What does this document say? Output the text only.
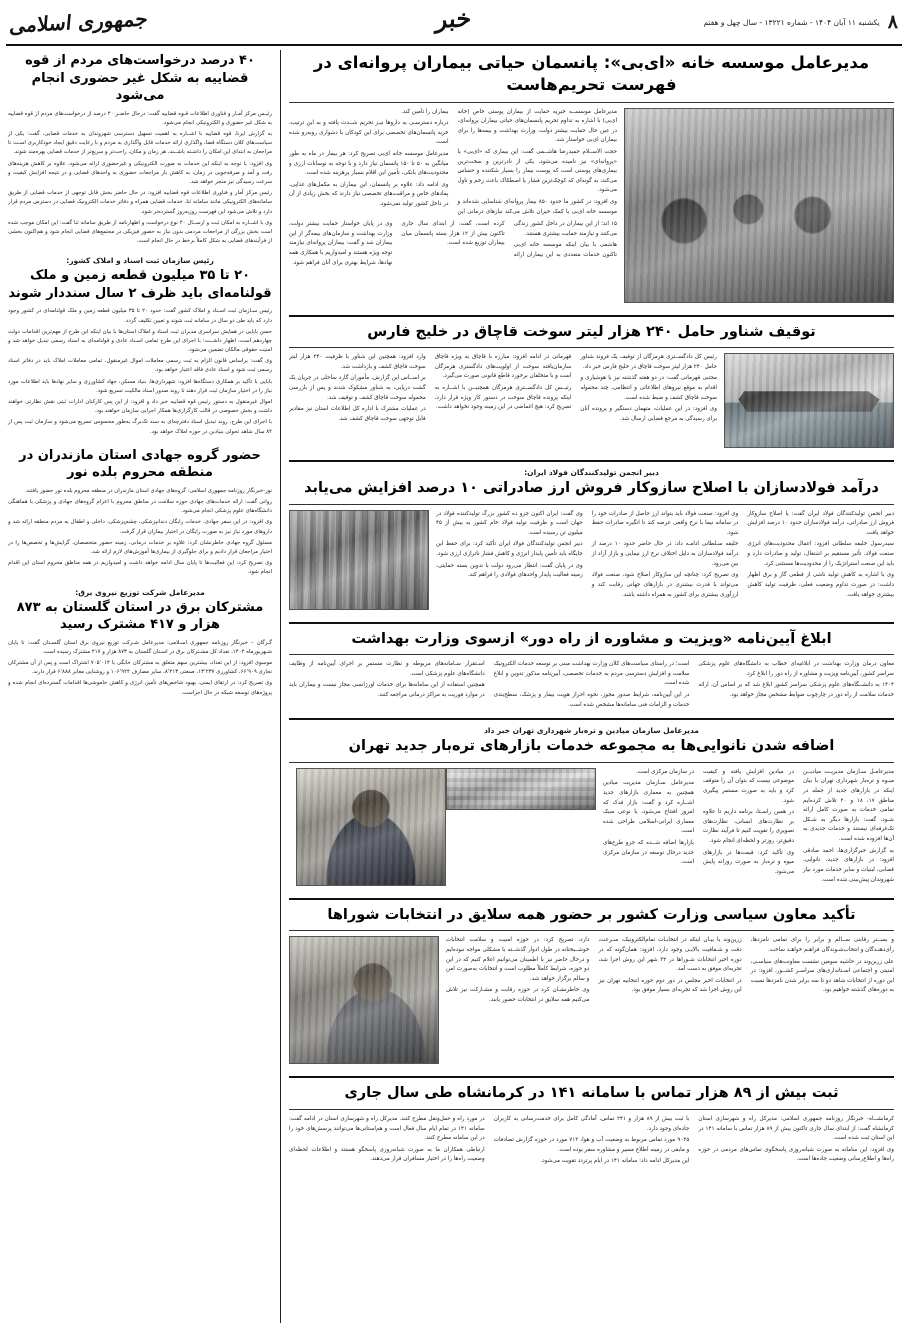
۸
یکشنبه ۱۱ آبان ۱۴۰۴ - شماره ۱۳۲۲۱ - سال چهل و هفتم
خبر
جمهوری اسلامی
مدیرعامل موسسه خانه «ای‌بی»: پانسمان حیاتی بیماران پروانه‌ای در فهرست تحریم‌هاست

مدیرعامل موسســه خیریه حمایت از بیماران پوستی خاص (خانه ای‌بی) با اشاره به تداوم تحریم پانسمان‌های حیاتی بیماران پروانه‌ای، در عین حال حمایت بیشتر دولت، وزارت بهداشت و بیمه‌ها را برای بیماران ای‌بی خواستار شد.

حجت الاســلام حمیدرضا هاشــمی گفت: این بیماری که «ای‌بی» یا «پروانه‌ای» نیز نامیده می‌شود، یکی از نادرترین و سخت‌ترین بیماری‌های پوستی است که پوست بیمار را بسیار شکننده و حساس می‌کند، به گونه‌ای که کوچک‌ترین فشار یا اصطکاک باعث زخم و تاول می‌شود.

وی افزود: در کشور ما حدود ۸۵۰ بیمار پروانه‌ای شناسایی شده‌اند و موسسه خانه ای‌بی با کمک خیران تلاش می‌کند نیازهای درمانی این بیماران را تأمین کند.

درباره دسترسـی به داروها نیـز تحریم شــدت یافته و به این ترتیب، خرید پانسمان‌های تخصصی برای این کودکان با دشواری روبه‌رو شده است.

مدیرعامل موسسه خانه ای‌بی تصریح کرد: هر بیمار در ماه به طور میانگین به ۵۰ تا ۱۵۰ پانسمان نیاز دارد و با توجه به نوسانات ارزی و محدودیت‌های بانکی، تأمین این اقلام بسیار پرهزینه شده است.

وی ادامه داد: علاوه بر پانسمان، این بیماران به مکمل‌های غذایی، پمادهای خاص و مراقبت‌های تخصصی نیاز دارند که بخش زیادی از آن در داخل کشور تولید نمی‌شود.

۱۵ اند؛ از این بیماران در داخل کشور زندگی می‌کنند و نیازمند حمایت بیشتری هستند.

هاشمی با بیان اینکه موسسه خانه ای‌بی تاکنون خدمات متعددی به این بیماران ارائه کرده است، گفت: از ابتدای سال جاری تاکنون بیش از ۱۲ هزار بسته پانسمان میان بیماران توزیع شده است.

وی در پایان خواستار حمایت بیشتر دولت، وزارت بهداشت و سازمان‌های بیمه‌گر از این بیماران شد و گفت: بیماران پروانه‌ای نیازمند توجه ویژه هستند و امیدواریم با همکاری همه نهادها، شرایط بهتری برای آنان فراهم شود.

توقیف شناور حامل ۲۴۰ هزار لیتر سوخت قاچاق در خلیج فارس

رئیس کل دادگســتری هرمزگان از توقیف یک فروند شناور حامل ۲۴۰ هزار لیتر سوخت قاچاق در خلیج فارس خبر داد.

مجتبی قهرمانی گفت: در دو هفته گذشته نیز با هوشیاری و اقدام به موقع نیروهای اطلاعاتی و انتظامی، چند محموله سوخت قاچاق کشف و ضبط شده است.

وی افزود: در این عملیات، متهمان دستگیر و پرونده آنان برای رسیدگی به مرجع قضایی ارسال شد.

قهرمانی در ادامه افزود: مبارزه با قاچاق به ویژه قاچاق سازمان‌یافته سوخت از اولویت‌های دادگستری هرمزگان است و با متخلفان برخورد قاطع قانونی صورت می‌گیرد.

رئیــس کل دادگســتری هرمزگان همچنیــن با اشــاره به اینکه پرونده قاچاق سوخت در دستور کار ویژه قرار دارد، تصریح کرد: هیچ اغماضی در این زمینه وجود نخواهد داشت.

وارد افزود: همچنین این شناور با ظرفیت ۲۴۰ هزار لیتر سوخت قاچاق کشف و بازداشت شد.

بر اســاس این گزارش، مأموران گارد ساحلی در جریان یک گشت دریایی، به شناور مشکوک شدند و پس از بازرسی محموله سوخت قاچاق کشف و توقیف شد.

در عملیات مشترک با اداره کل اطلاعات استان نیز مقادیر قابل توجهی سوخت قاچاق کشف شد.

دبیر انجمن تولیدکنندگان فولاد ایران:
درآمد فولادسازان با اصلاح سازوکار فروش ارز صادراتی ۱۰ درصد افزایش می‌یابد

دبیر انجمن تولیدکنندگان فولاد ایران گفت: با اصلاح سازوکار فروش ارز صادراتی، درآمد فولادسازان حدود ۱۰ درصد افزایش خواهد یافت.

سیدرسول خلیفه سلطانی افزود: اعمال محدودیت‌های انرژی صنعت فولاد، تأثیر مستقیم بر اشتغال، تولید و صادرات دارد و باید این صنعت استراتژیک را از محدودیت‌ها مستثنی کرد.

وی با اشاره به کاهش تولید ناشی از قطعی گاز و برق اظهار داشت: در صورت تداوم وضعیت فعلی، ظرفیت تولید کاهش بیشتری خواهد یافت.

وی افزود: صنعت فولاد باید بتواند ارز حاصل از صادرات خود را در سامانه نیما با نرخ واقعی عرضه کند تا انگیزه صادرات حفظ شود.

خلیفه سـلطانی ادامـه داد: در حال حاضر حدود ۱۰ درصد از درآمد فولادسازان به دلیل اختلاف نرخ ارز نیمایی و بازار آزاد از بین می‌رود.

وی تصریح کرد: چنانچه این سازوکار اصلاح شود، صنعت فولاد می‌تواند با قدرت بیشتری در بازارهای جهانی رقابت کند و ارزآوری بیشتری برای کشور به همراه داشته باشد.

وی گفت: ایران اکنون جزو ده کشور بزرگ تولیدکننده فولاد در جهان است و ظرفیت تولید فولاد خام کشور به بیش از ۴۵ میلیون تن رسیده است.

دبیر انجمن تولیدکنندگان فولاد ایران تأکید کرد: برای حفظ این جایگاه باید تأمین پایدار انرژی و کاهش فشار ناترازی ارزی شود.

وی در پایان گفت: انتظار می‌رود دولت با تدوین بسته حمایتی، زمینه فعالیت پایدار واحدهای فولادی را فراهم کند.

ابلاغ آیین‌نامه «ویزیت و مشاوره از راه دور» ازسوی وزارت بهداشت

معاون درمان وزارت بهداشت در ابلاغیه‌ای خطاب به دانشگاه‌های علوم پزشکی سراسر کشور، آیین‌نامه ویزیت و مشاوره از راه دور را ابلاغ کرد.

۱۴۰۴ به دانشــگاه‌های علوم پزشکی سراسر کشور ابلاغ شد که بر اساس آن، ارائه خدمات سلامت از راه دور در چارچوب ضوابط مشخص مجاز خواهد بود.

است؛ در راستای سیاست‌های کلان وزارت بهداشت مبنی بر توسعه خدمات الکترونیک سلامت و افزایش دسترسی مردم به خدمات تخصصی، آیین‌نامه مذکور تدوین و ابلاغ شده است.

در این آیین‌نامه، شرایط صدور مجوز، نحوه احراز هویت بیمار و پزشک، سطح‌بندی خدمات و الزامات فنی سامانه‌ها مشخص شده است.

اسـتقرار سـامانه‌های مربوطه و نظارت مستمر بر اجرای آیین‌نامه از وظایف دانشگاه‌های علوم پزشکی است.

همچنین استفاده از این سامانه‌ها برای خدمات اورژانسی مجاز نیست و بیماران باید در موارد فوریت به مراکز درمانی مراجعه کنند.

مدیرعامل سازمان میادین و تره‌بار شهرداری تهران خبر داد
اضافه شدن نانوایی‌ها به مجموعه خدمات بازارهای تره‌بار جدید تهران

مدیرعامـل سـازمان مدیریـت میادیــن میـوه و تره‌بار شهرداری تهران با بیان اینکه در بازارهای جدید از جمله در مناطق ۱۷، ۱۸ و ۲۰ تلاش کرده‌ایم تمامی خدمات به صورت کامل ارائه شـود، گفت: بازارها دیگر به شـکل تک‌غرفه‌ای نیستند و خدمات جدیدی به آن‌ها افزوده شده است.

به گزارش خبرگزاری‌ها، احمد صادقی افزود: در بازارهای جدید، نانوایی، قصابی، لبنیات و سایر خدمات مورد نیاز شهروندان پیش‌بینی شده است.

در میادین افزایش یافته و کیفیت موضوعی نیست که بتوان آن را متوقف کرد و باید به صورت مستمر پیگیری شود.

در همین راسـتا، برنامه داریم تا علاوه بر نظارت‌های انسانی، نظارت‌های تصویری را تقویت کنیم تا فرآیند نظارت دقیق‌تر، روزتر و لحظه‌ای انجام شود.

وی تأکید کرد: قیمت‌ها در بازارهای میوه و تره‌بار به صورت روزانه پایش می‌شود.

در سازمان مرکزی است.

مدیرعامل سـازمان مدیریت میادین همچنین به معماری بازارهای جدید اشــاره کرد و گفت: بازار فدک که امروز افتتاح می‌شود، با نوعی سبک معماری ایرانی-اسلامی طراحی شده است.

بازارها اضافه شــده که جزو طرح‌های جدید درحال توسعه در سازمان مرکزی است.

تأکید معاون سیاسی وزارت کشور بر حضور همه سلایق در انتخابات شوراها

و بســتر رقابتی ســالم و برابر را برای تمامی نامزدها، رأی‌دهنـدگان و انتخاب‌شـوندگان فراهـم خواهـد ساخت.

علی زرین‌وند در حاشیه سومین نشست معاونت‌های سیاسـی، امنیتی و اجتماعی اسـتانداری‌های سراسـر کشــور، افزود: در این دوره از انتخابات شاهد دو تا سه برابر شدن نامزدها نسبت به دوره‌های گذشته خواهیم بود.

زرین‌وند با بیـان اینکه در انتخابـات تمام‌الکترونیک، سـرعت، دقت و شـفافیت بالایـی وجود دارد، افزود: همان‌گونه که در دوره اخیر انتخابات شـوراها در ۳۲ شهر این روش اجرا شد، تجربه‌ای موفق به دست آمد.

در انتخابات اخیر مجلس در دور دوم حوزه انتخابیه تهران نیز این روش اجرا شد که تجربه‌ای بسیار موفق بود.

دارد، تصریح کرد: در حوزه امنیت و سلامت انتخابات خوشــبختانه در طول ادوار گذشــته با مشکلی مواجه نبوده‌ایم و درحال حاضر نیز با اطمینان می‌توانیم اعلام کنیم که در این دو حوزه، شرایط کاملاً مطلوب است و انتخابات به‌صورت امن و سالم برگزار خواهد شد.

وی خاطرنشـان کرد در حوزه رقابت و مشـارکت نیز تلاش می‌کنیم همه سلایق در انتخابات حضور یابند.

ثبت بیش از ۸۹ هزار تماس با سامانه ۱۴۱ در کرمانشاه طی سال جاری

کرمانشــاه- خبرنگار روزنامه جمهوری اسلامی: مدیرکل راه و شهرسازی استان کرمانشاه گفت: از ابتدای سال جاری تاکنون بیش از ۸۹ هزار تماس با سامانه ۱۴۱ در این استان ثبت شده است.

وی افزود: این سامانه به صورت شبانه‌روزی پاسخگوی تماس‌های مردمی در حوزه راه‌ها و اطلاع‌رسانی وضعیت جاده‌ها است.

با ثبت بیش از ۸۹ هزار و ۲۴۱ تماس، آمادگی کامل برای خدمت‌رسانی به کاربران جاده‌ای وجود دارد.

۹۰۲۵ مورد تماس مربوط به وضعیت آب و هوا، ۷۱۳ مورد در حوزه گزارش تصادفات و مابقی در زمینه اطلاع مسیر و مشاوره سفر بوده است.

این مدیرکل ادامه داد: سامانه ۱۴۱ در ایام پرتردد تقویت می‌شود.

در مورد راه و حمل‌ونقل مطرح کنند. مدیرکل راه و شهرسازی استان در ادامه گفت: سامانه ۱۴۱ در تمام ایام سال فعال است و هم‌استانی‌ها می‌توانند پرسش‌های خود را در این سامانه مطرح کنند.

ارتباطی همکاران ما به صورت شبانه‌روزی پاسخگو هستند و اطلاعات لحظه‌ای وضعیت راه‌ها را در اختیار مسافران قرار می‌دهند.

۴۰ درصد درخواست‌های مردم از قوه قضاییه به شکل غیر حضوری انجام می‌شود

رئیـس مرکز آمـار و فناوری اطلاعات قـوه قضاییه گفت: درحال حاضـر ۴۰ درصد از درخواست‌های مردم از قوه قضاییه به شکل غیر حضوری و الکترونیکی انجام می‌شود.

به گزارش ایرنا، قوه قضاییه با اشــاره به اهمیت تسهیل دسترسی شهروندان به خدمات قضایی، گفت: یکی از سیاست‌های کلان دستگاه قضا، واگذاری ارائه خدمات قابل واگذاری به مردم و با رعایت دقیق ایجاد خودکاربری اسـت تا مراجعان به ابتدای این امکان را داشـته باشــند، هر زمان و مکان، راحت‌تر و سریع‌تر از خدمات قضایی بهره‌مند شوند.

وی افزود: با توجه به اینکه این خدمات به صورت الکترونیکی و غیرحضوری ارائه می‌شود، علاوه بر کاهش هزینه‌های رفت و آمد و صرفه‌جویی در زمان، به کاهش بار مراجعات حضوری به واحدهای قضایی و در نتیجه افزایش کیفیت و سرعت رسیدگی نیز منجر خواهد شد.

رئیس مرکز آمار و فناوری اطلاعات قوه قضاییه افزود: در حال حاضر بخش قابل توجهی از خدمات قضایی از طریق سامانه‌های الکترونیکی مانند سامانه ثنا، خدمات قضایی همراه و دفاتر خدمات الکترونیک قضایی در دسترس مردم قرار دارد و تلاش می‌شود این فهرست روزبه‌روز گسترده‌تر شود.

وی با اشــاره به امکان ثبت و ارســال ۴۰ نوع درخواست و اظهارنامه از طریق سامانه ثنا گفت: این امکان موجب شده است بخش بزرگی از مراجعات مردمی بدون نیاز به حضور فیزیکی در مجتمع‌های قضایی انجام شود و هم‌اکنون بخشی از فرآیندهای قضایی به شکل کاملاً برخط در حال انجام است.

رئیس سازمان ثبت اسناد و املاک کشور:
۲۰ تا ۳۵ میلیون قطعه زمین و ملک قولنامه‌ای باید ظرف ۲ سال سنددار شوند

رئیس سـازمان ثبت اسـناد و املاک کشور گفت: حدود ۲۰ تا ۳۵ میلیون قطعه زمین و ملک قولنامه‌ای در کشور وجود دارد که باید طی دو سال در سامانه ثبت شوند و تعیین تکلیف گردد.

حسن بابایی در همایش سراسری مدیران ثبت اسناد و املاک استان‌ها با بیان اینکه این طرح از مهم‌ترین اقدامات دولت چهاردهم است، اظهار داشــت: با اجرای این طرح تمامی اسـناد عادی و قولنامه‌ای به اسناد رسمی تبدیل خواهد شد و امنیت حقوقی مالکان تضمین می‌شود.

وی گفت: براساس قانون الزام به ثبت رسمی معاملات اموال غیرمنقول، تمامی معاملات املاک باید در دفاتر اسناد رسمی ثبت شود و اسناد عادی فاقد اعتبار خواهد بود.

بابایی با تأکید بر همکاری دستگاه‌ها افزود: شهرداری‌ها، بنیاد مسکن، جهاد کشاورزی و سایر نهادها باید اطلاعات مورد نیاز را در اختیار سازمان ثبت قرار دهند تا روند صدور اسناد مالکیت تسریع شود.

اموال غیرمنقول به دستور رئیس قوه قضاییه خبر داد و افزود: از این پس کارکنان ادارات ثبتی نقش نظارتی خواهند داشت و بخش خصوصی در قالب کارگزاری‌ها همکار اجرایی سازمان خواهند بود.

با اجرای این طرح، روند تبدیل اسناد دفترچه‌ای به سند تک‌برگ به‌طور محسوس تسریع می‌شود و سازمان ثبت پس از ۸۴ سال شاهد تحولی بنیادین در حوزه املاک خواهد بود.

حضور گروه جهادی استان مازندران در منطقه محروم بلده نور

نور-خبرنگار روزنامه جمهوری اسلامی: گروه‌های جهادی استان مازندران در منطقه محروم بلده نور حضور یافتند.

روانی گفت: ارائه خدمات‌های جهادی حوزه سلامت در مناطق محروم با اعزام گروه‌های جهادی و پزشکی با هماهنگی دانشگاه‌های علوم پزشکی انجام می‌شود.

وی افزود: در این سفر جهادی، خدمات رایگان دندانپزشکی، چشم‌پزشکی، داخلی و اطفال به مردم منطقه ارائه شد و داروهای مورد نیاز نیز به صورت رایگان در اختیار بیماران قرار گرفت.

مسئول گروه جهادی خاطرنشان کرد: علاوه بر خدمات درمانی، زمینه حضور متخصصان، گرایش‌ها و تخصص‌ها را در اختیار مراجعان قرار دادیم و برای جلوگیری از بیماری‌ها آموزش‌های لازم ارائه شد.

وی تصریح کرد: این فعالیت‌ها تا پایان سال ادامه خواهد داشت و امیدواریم در همه مناطق محروم استان این اقدام انجام شود.

مدیرعامل شرکت توزیع نیروی برق:
مشترکان برق در استان گلستان به ۸۷۳ هزار و ۴۱۷ مشترک رسید

گـرگان – خبرنگار روزنامه جمهوری اسـلامی: مدیرعامل شـرکت توزیع نیروی برق استان گلسـتان گفت: تا پایان شـهریورماه ۱۴۰۴، تعداد کل مشـترکان برق در اسـتان گلستان به ۸۷۳ هزار و ۴۱۷ مشترک رسیده است.

موسوی افزود: از این تعداد، بیشترین سهم متعلق به مشترکان خانگی با ۷۰۵٬۰۱۴ اشتراک است و پس از آن مشترکان تجاری ۶۶٬۹۰۹، کشاورزی ۱۳٬۲۳۷، صنعتی ۸٬۲۱۳، سایر مصارف ۱۰۶٬۹۲۴ و روشنایی معابر ۶٬۸۸۸ قرار دارند.

وی تصریح کرد: در ارتقای ایمنی، بهبود شاخص‌های تأمین انرژی و کاهش خاموشی‌ها اقدامات گسترده‌ای انجام شده و پروژه‌های توسعه شبکه در حال اجراست.
